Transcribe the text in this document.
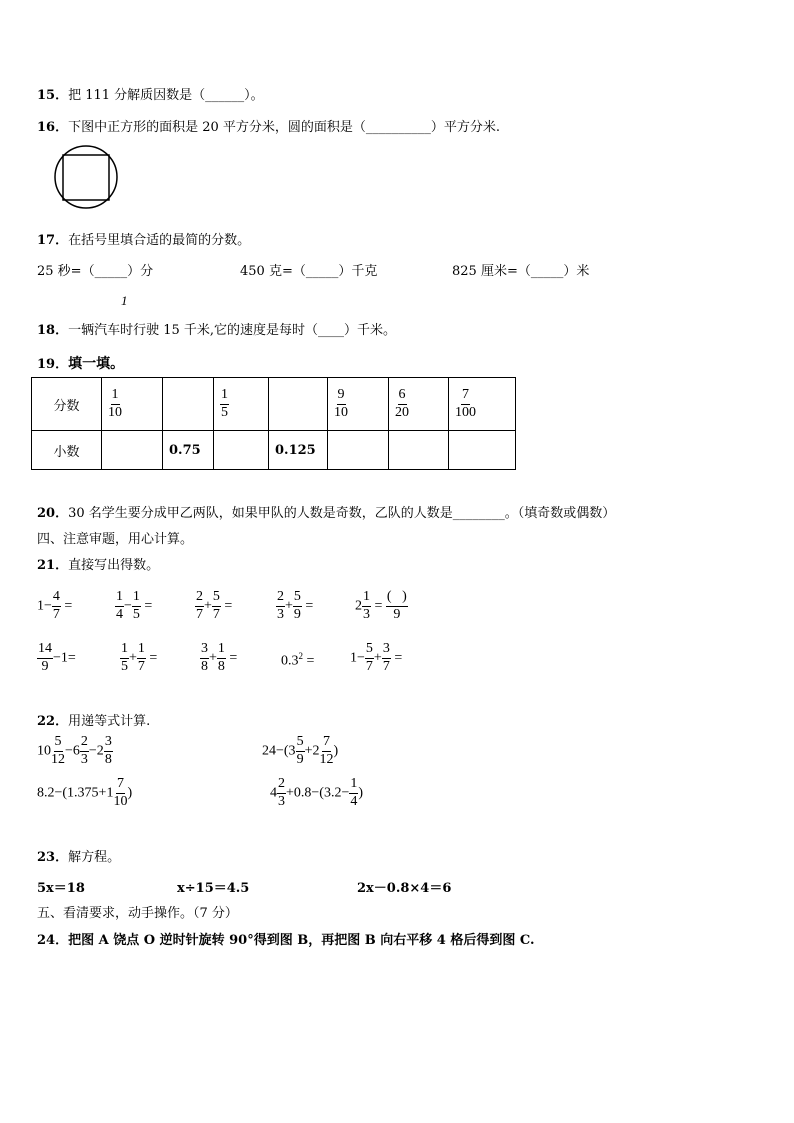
15．把 111 分解质因数是（______）。
16．下图中正方形的面积是 20 平方分米，圆的面积是（__________）平方分米.
17．在括号里填合适的最简的分数。
25 秒=（_____）分	450 克=（_____）千克	825 厘米=（_____）米
1
18．一辆汽车时行驶 15 千米,它的速度是每时（____）千米。
19．填一填。
分数	$\frac{1}{10}$		$\frac{1}{5}$		$\frac{9}{10}$	$\frac{6}{20}$	$\frac{7}{100}$

小数		0.75		0.125			
20．30 名学生要分成甲乙两队，如果甲队的人数是奇数，乙队的人数是________。（填奇数或偶数）
四、注意审题，用心计算。
21．直接写出得数。
$1- \frac{4}{7}$ =	$\frac{1}{4} - \frac{1}{5}$ =	$\frac{2}{7} + \frac{5}{7}$ =	$\frac{2}{3} + \frac{5}{9}$ =	$2 \frac{1}{3} = \frac{( )}{9}$
$\frac{14}{9} -1=$	$\frac{1}{5} + \frac{1}{7}$ =	$\frac{3}{8} + \frac{1}{8}$ =	$0.3^2$ =	$1- \frac{5}{7} + \frac{3}{7}$ =
22．用递等式计算.
$10 \frac{5}{12} -6 \frac{2}{3} -2 \frac{3}{8}$	$24-(3 \frac{5}{9} +2 \frac{7}{12}$ )
$8.2-(1.375+1 \frac{7}{10}$ )	$4 \frac{2}{3} +0.8-(3.2- \frac{1}{4}$ )
23．解方程。
5x＝18	x÷15＝4.5	2x－0.8×4＝6
五、看清要求，动手操作。（7 分）
24．把图 A 饶点 O 逆时针旋转 90°得到图 B，再把图 B 向右平移 4 格后得到图 C.
